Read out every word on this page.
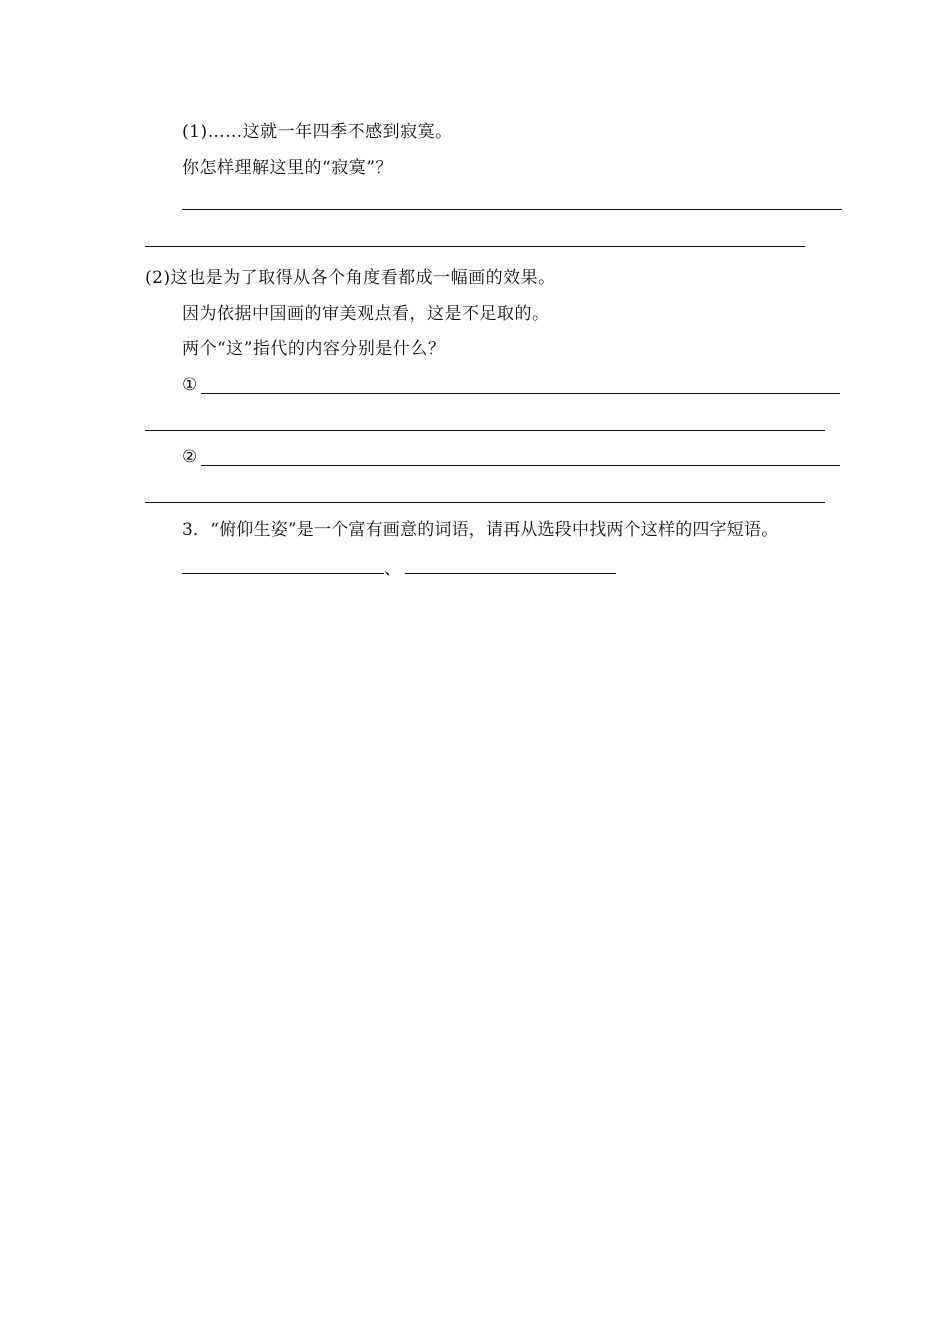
(1)……这就一年四季不感到寂寞。
你怎样理解这里的“寂寞”？
(2)这也是为了取得从各个角度看都成一幅画的效果。
因为依据中国画的审美观点看，这是不足取的。
两个“这”指代的内容分别是什么？
①
②
3．“俯仰生姿”是一个富有画意的词语，请再从选段中找两个这样的四字短语。
、
